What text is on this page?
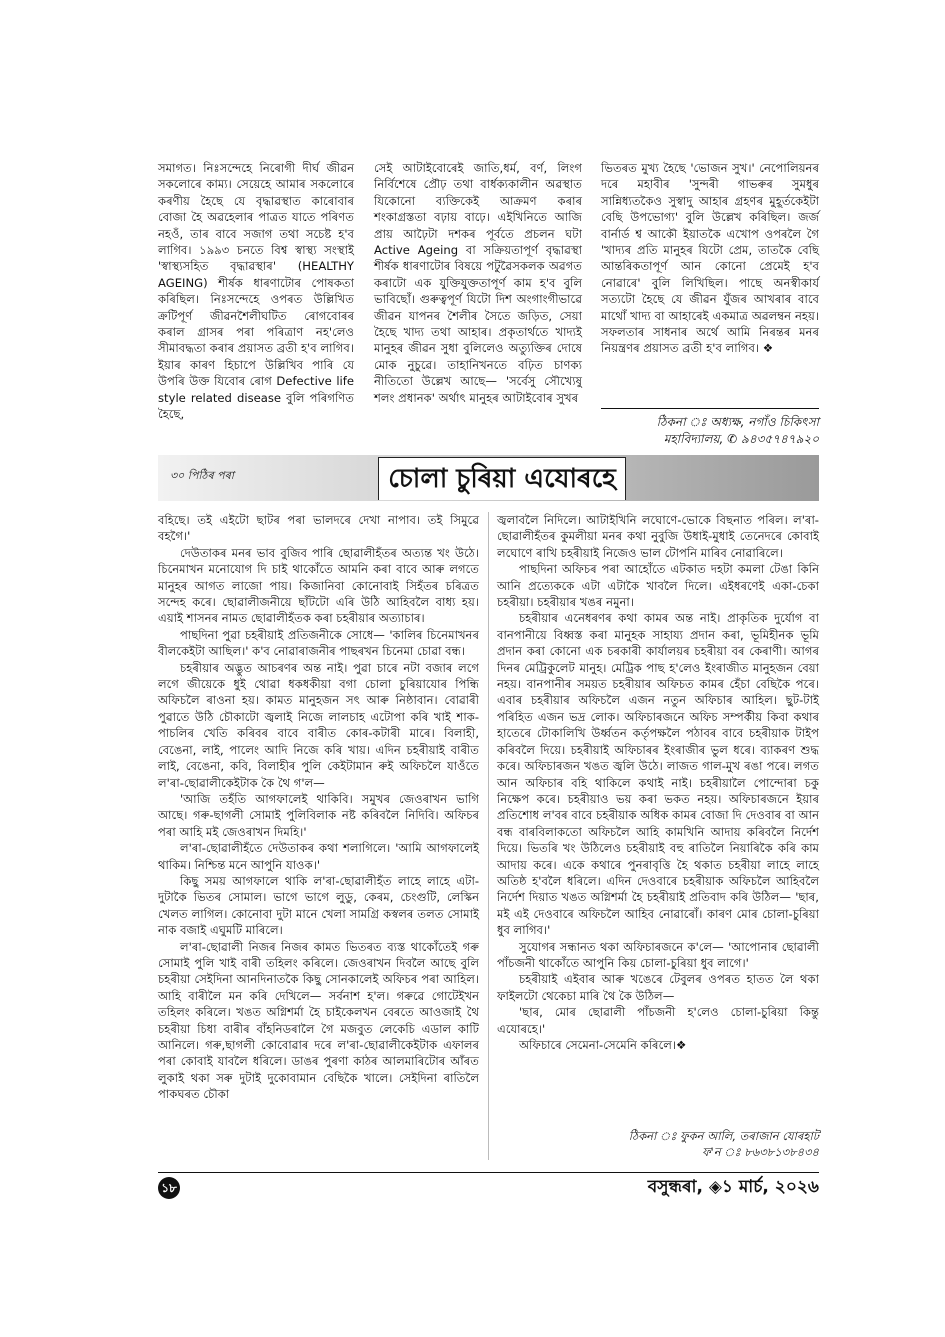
সমাগত। নিঃসন্দেহে নিৰোগী দীৰ্ঘ জীৱন সকলোৰে কাম্য। সেয়েহে আমাৰ সকলোৰে কৰণীয় হৈছে যে বৃদ্ধাৱস্থাত কাৰোবাৰ বোজা হৈ অৱহেলাৰ পাত্ৰত যাতে পৰিণত নহওঁ, তাৰ বাবে সজাগ তথা সচেষ্ট হ'ব লাগিব। ১৯৯৩ চনতে বিশ্ব স্বাস্থ্য সংস্থাই 'স্বাস্থ্যসহিত বৃদ্ধাৱস্থাৰ' (HEALTHY AGEING) শীৰ্ষক ধাৰণাটোৰ পোষকতা কৰিছিল। নিঃসন্দেহে ওপৰত উল্লিখিত ক্ৰটিপূৰ্ণ জীৱনশৈলীঘটিত ৰোগবোৰৰ কৰাল গ্ৰাসৰ পৰা পৰিত্ৰাণ নহ'লেও সীমাবদ্ধতা কৰাৰ প্ৰয়াসত ব্ৰতী হ'ব লাগিব। ইয়াৰ কাৰণ হিচাপে উল্লিখিব পাৰি যে উপৰি উক্ত যিবোৰ ৰোগ Defective life style related disease বুলি পৰিগণিত হৈছে,

সেই আটাইবোৰেই জাতি,ধৰ্ম, বৰ্ণ, লিংগ নিৰ্বিশেষে প্ৰৌঢ় তথা বাৰ্ধক্যকালীন অৱস্থাত যিকোনো ব্যক্তিকেই আক্ৰমণ কৰাৰ শংকাগ্ৰস্ততা বঢ়ায় বাঢ়ে। এইখিনিতে আজি প্ৰায় আঢ়ৈটা দশকৰ পূৰ্বতে প্ৰচলন ঘটা Active Ageing বা সক্ৰিয়তাপূৰ্ণ বৃদ্ধাৱস্থা শীৰ্ষক ধাৰণাটোৰ বিষয়ে পটুৱৈসকলক অৱগত কৰাটো এক যুক্তিযুক্ততাপূৰ্ণ কাম হ'ব বুলি ভাবিছোঁ। গুৰুত্বপূৰ্ণ যিটো দিশ অংগাংগীভাৱে জীৱন যাপনৰ শৈলীৰ সৈতে জড়িত, সেয়া হৈছে খাদ্য তথা আহাৰ। প্ৰকৃতাৰ্থতে খাদ্যই মানুহৰ জীৱন সুধা বুলিলেও অত্যুক্তিৰ দোষে মোক নুচুৱে। তাহানিখনতে বঢ়িত চাণক্য নীতিতো উল্লেখ আছে— 'সৰ্বেসু সৌখ্যেষু শলং প্ৰধানক' অৰ্থাৎ মানুহৰ আটাইবোৰ সুখৰ

ভিতৰত মুখ্য হৈছে 'ভোজন সুখ।' নেপোলিয়নৰ দৰে মহাবীৰ 'সুন্দৰী গাভৰুৰ সুমধুৰ সান্নিধ্যতকৈও সুস্বাদু আহাৰ গ্ৰহণৰ মুহূৰ্তকেইটা বেছি উপভোগ্য' বুলি উল্লেখ কৰিছিল। জৰ্জ বাৰ্নাৰ্ড শ্ব আকৌ ইয়াতকৈ এখোপ ওপৰলৈ গৈ 'খাদ্যৰ প্ৰতি মানুহৰ যিটো প্ৰেম, তাতকৈ বেছি আন্তৰিকতাপূৰ্ণ আন কোনো প্ৰেমেই হ'ব নোৱাৰে' বুলি লিখিছিল। পাছে অনস্বীকাৰ্য সত্যটো হৈছে যে জীৱন যুঁজৰ আখৰাৰ বাবে মাথোঁ খাদ্য বা আহাৰেই একমাত্ৰ অৱলম্বন নহয়। সফলতাৰ সাধনাৰ অৰ্থে আমি নিৰন্তৰ মনৰ নিয়ন্ত্ৰণৰ প্ৰয়াসত ব্ৰতী হ'ব লাগিব। ❖

ঠিকনা ঃ অধ্যক্ষ, নগাঁও চিকিৎসা
মহাবিদ্যালয়, ✆ ৯৪৩৫৭৪৭৯২০
৩০ পিঠিৰ পৰা	চোলা চুৰিয়া এযোৰহে

বহিছে। তই এইটো ছাটৰ পৰা ভালদৰে দেখা নাপাব। তই সিমুৱে বহগৈ।'

দেউতাকৰ মনৰ ভাব বুজিব পাৰি ছোৱালীহঁতৰ অত্যন্ত খং উঠে। চিনেমাখন মনোযোগ দি চাই থাকোঁতে আমনি কৰা বাবে আৰু লগতে মানুহৰ আগত লাজো পায়। কিজানিবা কোনোবাই সিহঁতৰ চৰিত্ৰত সন্দেহ কৰে। ছোৱালীজনীয়ে ছাঁটটো এৰি উঠি আহিবলৈ বাধ্য হয়। এয়াই শাসনৰ নামত ছোৱালীহঁতক কৰা চহৰীয়াৰ অত্যাচাৰ।

পাছদিনা পুৱা চহৰীয়াই প্ৰতিজনীকে সোধে— 'কালিৰ চিনেমাখনৰ বীলকেইটা আছিল।' ক'ব নোৱাৰাজনীৰ পাছৰখন চিনেমা চোৱা বন্ধ।

চহৰীয়াৰ অদ্ভুত আচৰণৰ অন্ত নাই। পুৱা চাৰে নটা বজাৰ লগে লগে জীয়েকে ধুই থোৱা ধকধকীয়া বগা চোলা চুৰিয়াযোৰ পিন্ধি অফিচলৈ ৰাওনা হয়। কামত মানুহজন সৎ আৰু নিষ্ঠাবান। বোৱাৰী পুৱাতে উঠি চৌকাটো জ্বলাই নিজে লালচাহ এটোপা কৰি খাই শাক-পাচলিৰ খেতি কৰিবৰ বাবে বাৰীত কোৰ-কটাৰী মাৰে। বিলাহী, বেঙেনা, লাই, পালেং আদি নিজে কৰি খায়। এদিন চহৰীয়াই বাৰীত লাই, বেঙেনা, কবি, বিলাহীৰ পুলি কেইটামান ৰুই অফিচলৈ যাওঁতে ল'ৰা-ছোৱালীকেইটাক কৈ থৈ গ'ল—

'আজি তহঁতি আগফালেই থাকিবি। সমুখৰ জেওৰাখন ভাগি আছে। গৰু-ছাগলী সোমাই পুলিবিলাক নষ্ট কৰিবলৈ নিদিবি। অফিচৰ পৰা আহি মই জেওৰাখন দিমহি।'

ল'ৰা-ছোৱালীহঁতে দেউতাকৰ কথা শলাগিলে। 'আমি আগফালেই থাকিম। নিশ্চিন্ত মনে আপুনি যাওক।'

কিছু সময় আগফালে থাকি ল'ৰা-ছোৱালীহঁত লাহে লাহে এটা-দুটাকৈ ভিতৰ সোমাল। ভাগে ভাগে লুডু, কেৰম, চেংগুটি, লেস্কিন খেলত লাগিল। কোনোবা দুটা মানে খেলা সামগ্ৰি কস্বলৰ তলত সোমাই নাক বজাই এঘুমটি মাৰিলে।

ল'ৰা-ছোৱালী নিজৰ নিজৰ কামত ভিতৰত ব্যস্ত থাকোঁতেই গৰু সোমাই পুলি খাই বাৰী তহিলং কৰিলে। জেওৰাখন দিবলৈ আছে বুলি চহৰীয়া সেইদিনা আনদিনাতকৈ কিছু সোনকালেই অফিচৰ পৰা আহিল। আহি বাৰীলৈ মন কৰি দেখিলে— সৰ্বনাশ হ'ল। গৰুৱে গোটেইখন তহিলং কৰিলে। খঙত অগ্নিশৰ্মা হৈ চাইকেলখন বেৰতে আওজাই থৈ চহৰীয়া চিধা বাৰীৰ বাঁহনিডৰালৈ গৈ মজবুত লেকেচি এডাল কাটি আনিলে। গৰু,ছাগলী কোবোৱাৰ দৰে ল'ৰা-ছোৱালীকেইটাক এফালৰ পৰা কোবাই যাবলৈ ধৰিলে। ডাঙৰ পুৰণা কাঠৰ আলমাৰিটোৰ আঁৰত লুকাই থকা সৰু দুটাই দুকোবামান বেছিকৈ খালে। সেইদিনা ৰাতিলৈ পাকঘৰত চৌকা

জ্বলাবলৈ নিদিলে। আটাইখিনি লঘোণে-ভোকে বিছনাত পৰিল। ল'ৰা-ছোৱালীহঁতৰ কুমলীয়া মনৰ কথা নুবুজি উধাই-মুধাই তেনেদৰে কোবাই লঘোণে ৰাখি চহৰীয়াই নিজেও ভাল টোপনি মাৰিব নোৱাৰিলে।

পাছদিনা অফিচৰ পৰা আহোঁতে এটকাত দহটা কমলা টেঙা কিনি আনি প্ৰত্যেককে এটা এটাকৈ খাবলৈ দিলে। এইধৰণেই একা-চেকা চহৰীয়া। চহৰীয়াৰ খঙৰ নমুনা।

চহৰীয়াৰ এনেধৰণৰ কথা কামৰ অন্ত নাই। প্ৰাকৃতিক দুৰ্যোগ বা বানপানীয়ে বিধ্বস্ত কৰা মানুহক সাহায্য প্ৰদান কৰা, ভূমিহীনক ভূমি প্ৰদান কৰা কোনো এক চৰকাৰী কাৰ্যালয়ৰ চহৰীয়া বৰ কেৰাণী। আগৰ দিনৰ মেট্ৰিকুলেট মানুহ। মেট্ৰিক পাছ হ'লেও ইংৰাজীত মানুহজন বেয়া নহয়। বানপানীৰ সময়ত চহৰীয়াৰ অফিচত কামৰ হেঁচা বেছিকৈ পৰে। এবাৰ চহৰীয়াৰ অফিচলৈ এজন নতুন অফিচাৰ আহিল। ছুট-টাই পৰিহিত এজন ভদ্ৰ লোক। অফিচাৰজনে অফিচ সম্পৰ্কীয় কিবা কথাৰ হাতেৰে টোকালিখি উৰ্ধ্বতন কৰ্তৃপক্ষলৈ পঠাবৰ বাবে চহৰীয়াক টাইপ কৰিবলৈ দিয়ে। চহৰীয়াই অফিচাৰৰ ইংৰাজীৰ ভুল ধৰে। ব্যাকৰণ শুদ্ধ কৰে। অফিচাৰজন খঙত জ্বলি উঠে। লাজত গাল-মুখ ৰঙা পৰে। লগত আন অফিচাৰ বহি থাকিলে কথাই নাই। চহৰীয়ালৈ পোন্দোৰা চকু নিক্ষেপ কৰে। চহৰীয়াও ভয় কৰা ভকত নহয়। অফিচাৰজনে ইয়াৰ প্ৰতিশোধ ল'বৰ বাবে চহৰীয়াক অধিক কামৰ বোজা দি দেওবাৰ বা আন বন্ধ বাৰবিলাকতো অফিচলৈ আহি কামখিনি আদায় কৰিবলৈ নিৰ্দেশ দিয়ে। ভিতৰি খং উঠিলেও চহৰীয়াই বহু ৰাতিলৈ নিয়াৰিকৈ কৰি কাম আদায় কৰে। একে কথাৰে পুনৰাবৃত্তি হৈ থকাত চহৰীয়া লাহে লাহে অতিষ্ঠ হ'বলৈ ধৰিলে। এদিন দেওবাৰে চহৰীয়াক অফিচলৈ আহিবলৈ নিৰ্দেশ দিয়াত খঙত অগ্নিশৰ্মা হৈ চহৰীয়াই প্ৰতিবাদ কৰি উঠিল— 'ছাৰ, মই এই দেওবাৰে অফিচলৈ আহিব নোৱাৰোঁ। কাৰণ মোৰ চোলা-চুৰিয়া ধুব লাগিব।'

সুযোগৰ সন্ধানত থকা অফিচাৰজনে ক'লে— 'আপোনাৰ ছোৱালী পাঁচজনী থাকোঁতে আপুনি কিয় চোলা-চুৰিয়া ধুব লাগে।'

চহৰীয়াই এইবাৰ আৰু খঙেৰে টেবুলৰ ওপৰত হাতত লৈ থকা ফাইলটো থেকেচা মাৰি থৈ কৈ উঠিল—

'ছাৰ, মোৰ ছোৱালী পাঁচজনী হ'লেও চোলা-চুৰিয়া কিন্তু এযোৰহে।'

অফিচাৰে সেমেনা-সেমেনি কৰিলে।❖

ঠিকনা ঃ ফুকন আলি, তৰাজান যোৰহাট
ফ'ন ঃ ৮৬৩৮১৩৮৪৩৪
১৮	বসুন্ধৰা, ◈১ মাৰ্চ, ২০২৬
